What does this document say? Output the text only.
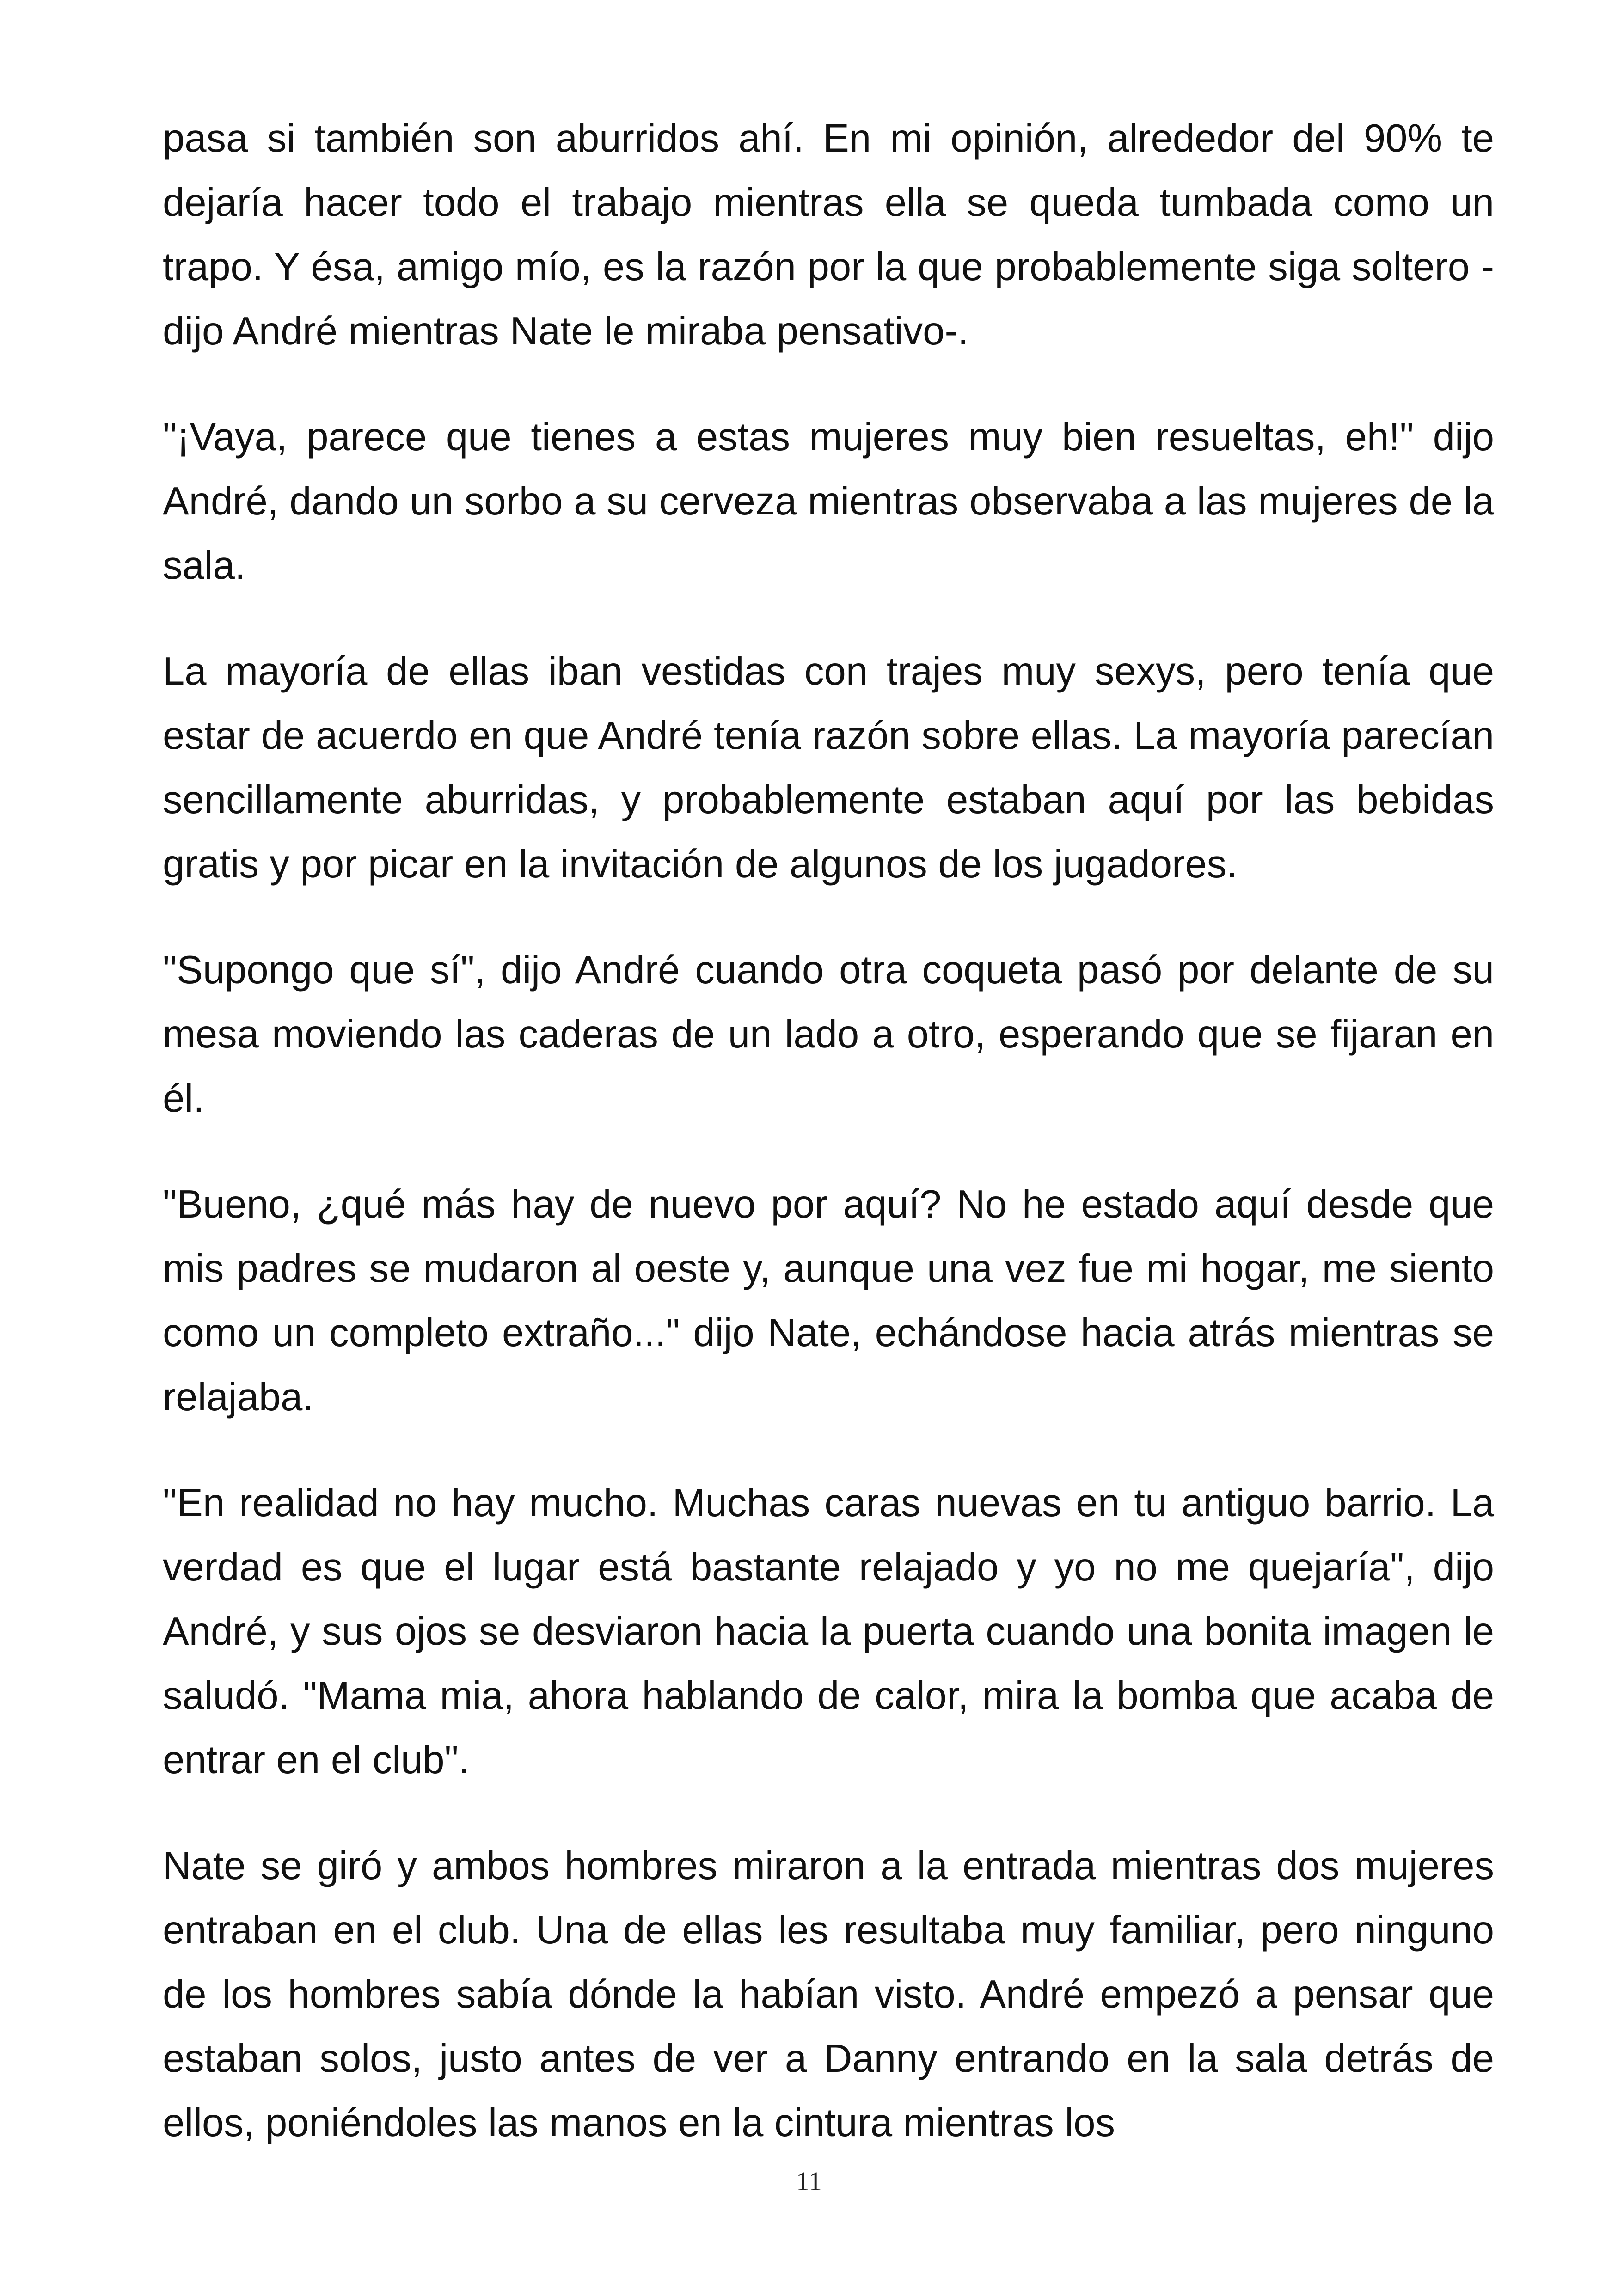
pasa si también son aburridos ahí. En mi opinión, alrededor del 90% te dejaría hacer todo el trabajo mientras ella se queda tumbada como un trapo. Y ésa, amigo mío, es la razón por la que probablemente siga soltero -dijo André mientras Nate le miraba pensativo-.

"¡Vaya, parece que tienes a estas mujeres muy bien resueltas, eh!" dijo André, dando un sorbo a su cerveza mientras observaba a las mujeres de la sala.

La mayoría de ellas iban vestidas con trajes muy sexys, pero tenía que estar de acuerdo en que André tenía razón sobre ellas. La mayoría parecían sencillamente aburridas, y probablemente estaban aquí por las bebidas gratis y por picar en la invitación de algunos de los jugadores.

"Supongo que sí", dijo André cuando otra coqueta pasó por delante de su mesa moviendo las caderas de un lado a otro, esperando que se fijaran en él.

"Bueno, ¿qué más hay de nuevo por aquí? No he estado aquí desde que mis padres se mudaron al oeste y, aunque una vez fue mi hogar, me siento como un completo extraño..." dijo Nate, echándose hacia atrás mientras se relajaba.

"En realidad no hay mucho. Muchas caras nuevas en tu antiguo barrio. La verdad es que el lugar está bastante relajado y yo no me quejaría", dijo André, y sus ojos se desviaron hacia la puerta cuando una bonita imagen le saludó. "Mama mia, ahora hablando de calor, mira la bomba que acaba de entrar en el club".

Nate se giró y ambos hombres miraron a la entrada mientras dos mujeres entraban en el club. Una de ellas les resultaba muy familiar, pero ninguno de los hombres sabía dónde la habían visto. André empezó a pensar que estaban solos, justo antes de ver a Danny entrando en la sala detrás de ellos, poniéndoles las manos en la cintura mientras los

11
